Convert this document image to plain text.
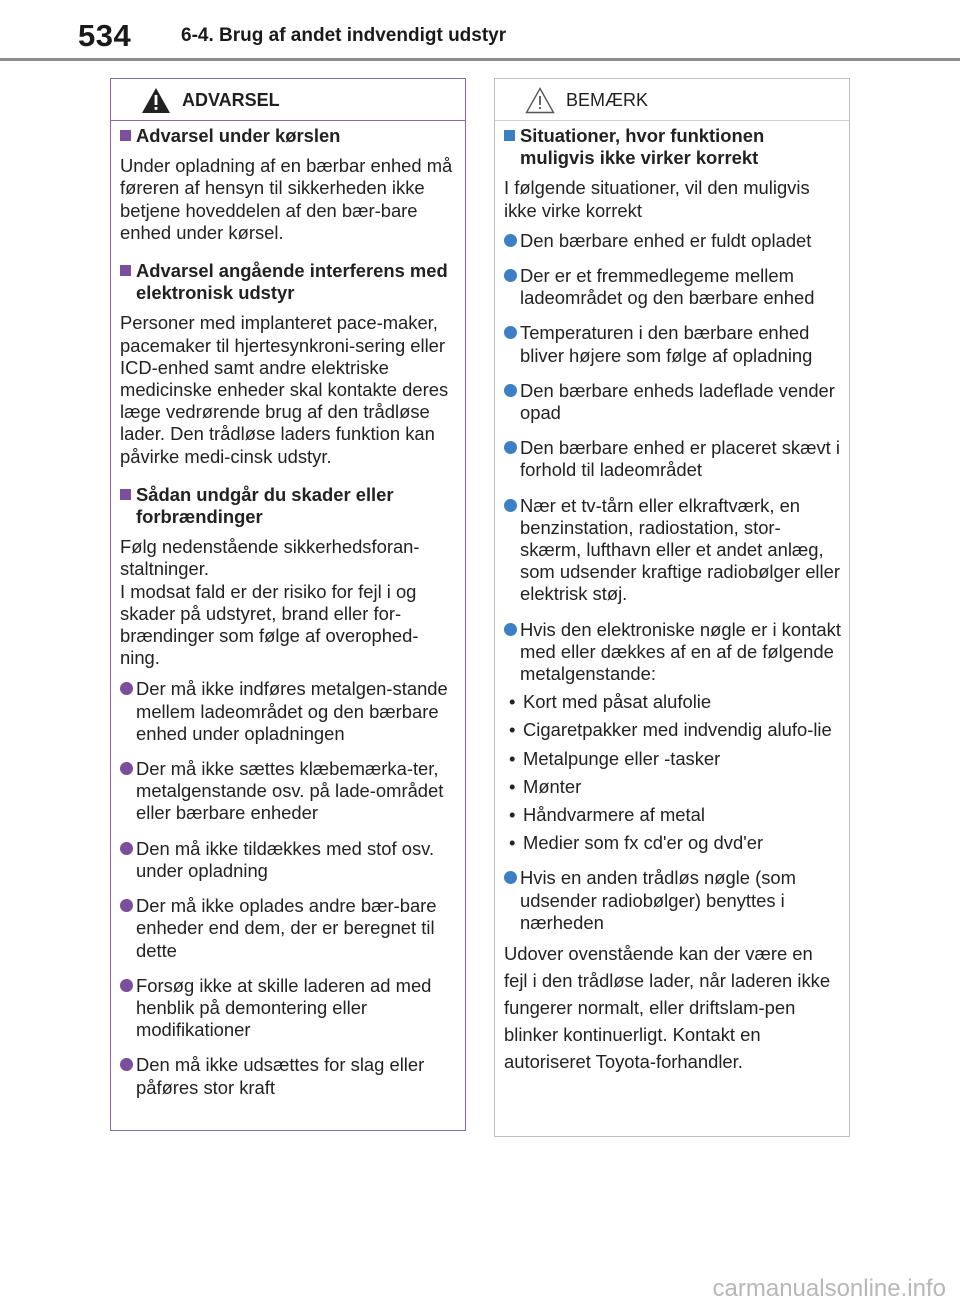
534	6-4. Brug af andet indvendigt udstyr
ADVARSEL
Advarsel under kørslen
Under opladning af en bærbar enhed må føreren af hensyn til sikkerheden ikke betjene hoveddelen af den bær-bare enhed under kørsel.
Advarsel angående interferens med elektronisk udstyr
Personer med implanteret pace-maker, pacemaker til hjertesynkroni-sering eller ICD-enhed samt andre elektriske medicinske enheder skal kontakte deres læge vedrørende brug af den trådløse lader. Den trådløse laders funktion kan påvirke medi-cinsk udstyr.
Sådan undgår du skader eller forbrændinger
Følg nedenstående sikkerhedsforan-staltninger.
I modsat fald er der risiko for fejl i og skader på udstyret, brand eller for-brændinger som følge af overophed-ning.
Der må ikke indføres metalgen-stande mellem ladeområdet og den bærbare enhed under opladningen
Der må ikke sættes klæbemærka-ter, metalgenstande osv. på lade-området eller bærbare enheder
Den må ikke tildækkes med stof osv. under opladning
Der må ikke oplades andre bær-bare enheder end dem, der er beregnet til dette
Forsøg ikke at skille laderen ad med henblik på demontering eller modifikationer
Den må ikke udsættes for slag eller påføres stor kraft
BEMÆRK
Situationer, hvor funktionen muligvis ikke virker korrekt
I følgende situationer, vil den muligvis ikke virke korrekt
Den bærbare enhed er fuldt opladet
Der er et fremmedlegeme mellem ladeområdet og den bærbare enhed
Temperaturen i den bærbare enhed bliver højere som følge af opladning
Den bærbare enheds ladeflade vender opad
Den bærbare enhed er placeret skævt i forhold til ladeområdet
Nær et tv-tårn eller elkraftværk, en benzinstation, radiostation, stor-skærm, lufthavn eller et andet anlæg, som udsender kraftige radiobølger eller elektrisk støj.
Hvis den elektroniske nøgle er i kontakt med eller dækkes af en af de følgende metalgenstande:
• Kort med påsat alufolie
• Cigaretpakker med indvendig alufo-lie
• Metalpunge eller -tasker
• Mønter
• Håndvarmere af metal
• Medier som fx cd'er og dvd'er
Hvis en anden trådløs nøgle (som udsender radiobølger) benyttes i nærheden
Udover ovenstående kan der være en fejl i den trådløse lader, når laderen ikke fungerer normalt, eller driftslam-pen blinker kontinuerligt. Kontakt en autoriseret Toyota-forhandler.
carmanualsonline.info
